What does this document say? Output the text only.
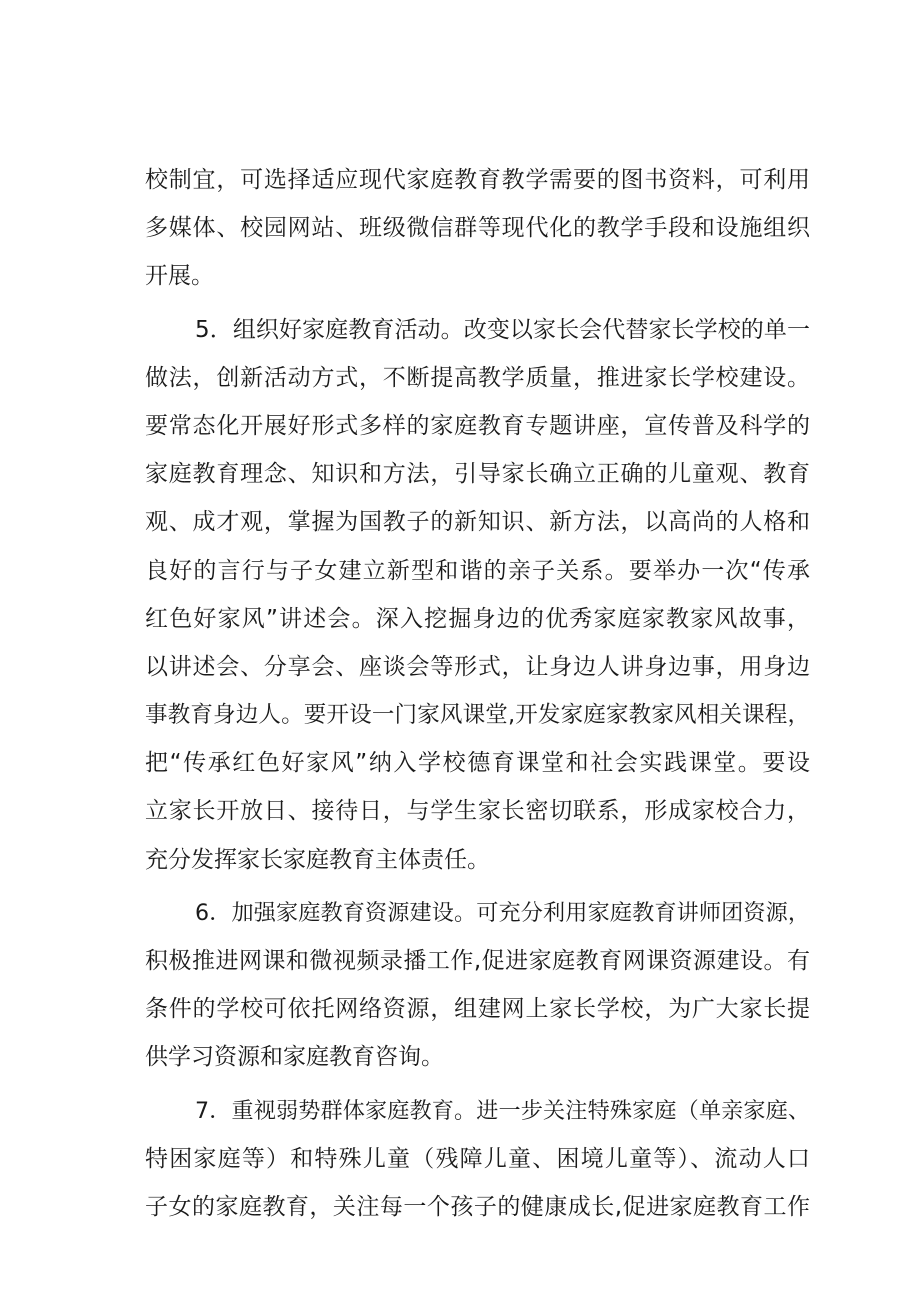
校制宜，可选择适应现代家庭教育教学需要的图书资料，可利用
多媒体、校园网站、班级微信群等现代化的教学手段和设施组织
开展。
5．组织好家庭教育活动。改变以家长会代替家长学校的单一
做法，创新活动方式，不断提高教学质量，推进家长学校建设。
要常态化开展好形式多样的家庭教育专题讲座，宣传普及科学的
家庭教育理念、知识和方法，引导家长确立正确的儿童观、教育
观、成才观，掌握为国教子的新知识、新方法，以高尚的人格和
良好的言行与子女建立新型和谐的亲子关系。要举办一次“传承
红色好家风”讲述会。深入挖掘身边的优秀家庭家教家风故事，
以讲述会、分享会、座谈会等形式，让身边人讲身边事，用身边
事教育身边人。要开设一门家风课堂,开发家庭家教家风相关课程，
把“传承红色好家风”纳入学校德育课堂和社会实践课堂。要设
立家长开放日、接待日，与学生家长密切联系，形成家校合力，
充分发挥家长家庭教育主体责任。
6．加强家庭教育资源建设。可充分利用家庭教育讲师团资源，
积极推进网课和微视频录播工作,促进家庭教育网课资源建设。有
条件的学校可依托网络资源，组建网上家长学校，为广大家长提
供学习资源和家庭教育咨询。
7．重视弱势群体家庭教育。进一步关注特殊家庭（单亲家庭、
特困家庭等）和特殊儿童（残障儿童、困境儿童等）、流动人口
子女的家庭教育，关注每一个孩子的健康成长,促进家庭教育工作
